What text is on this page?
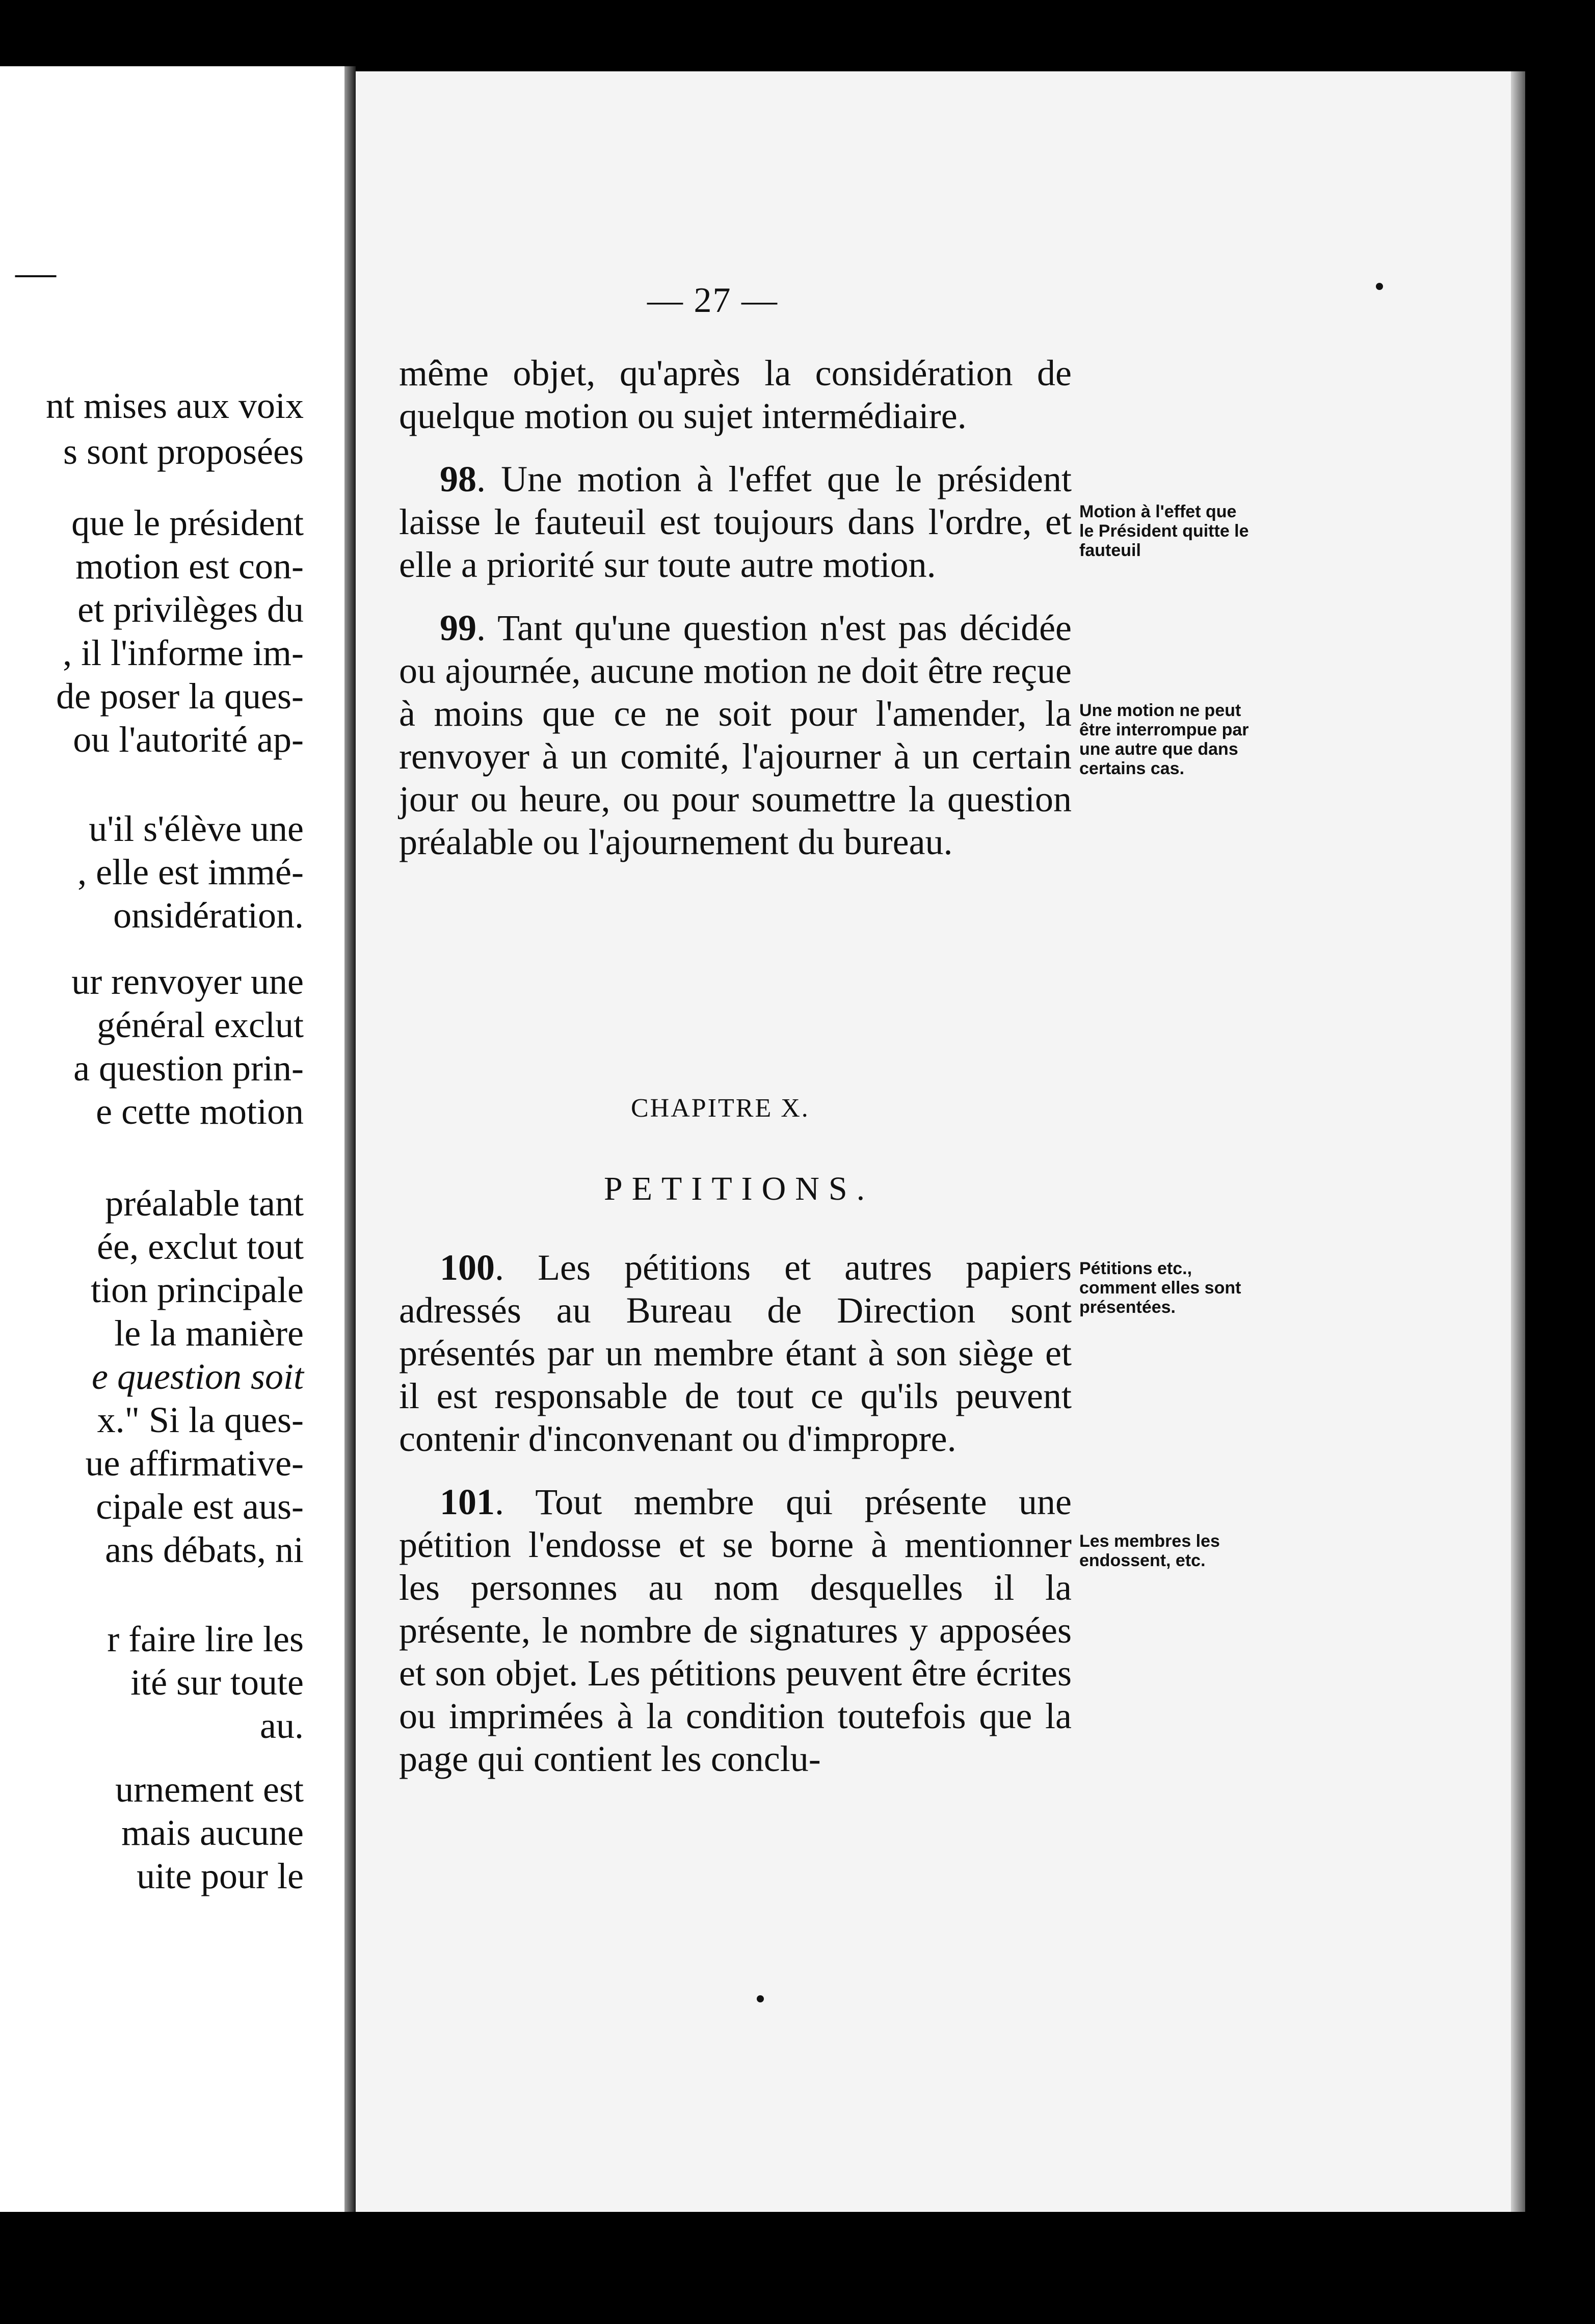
—
nt mises aux voix
s sont proposées
que le président
motion est con-
et privilèges du
, il l'informe im-
de poser la ques-
ou l'autorité ap-
u'il s'élève une
, elle est immé-
onsidération.
ur renvoyer une
général exclut
a question prin-
e cette motion
préalable tant
ée, exclut tout
tion principale
le la manière
e question soit
x." Si la ques-
ue affirmative-
cipale est aus-
ans débats, ni
r faire lire les
ité sur toute
au.
urnement est
mais aucune
uite pour le
— 27 —

même objet, qu'après la considération de quelque motion ou sujet intermédiaire.

98. Une motion à l'effet que le président laisse le fauteuil est toujours dans l'ordre, et elle a priorité sur toute autre motion.

99. Tant qu'une question n'est pas décidée ou ajournée, aucune motion ne doit être reçue à moins que ce ne soit pour l'amender, la renvoyer à un comité, l'ajourner à un certain jour ou heure, ou pour soumettre la question préalable ou l'ajournement du bureau.

CHAPITRE X.
PETITIONS.

100. Les pétitions et autres papiers adressés au Bureau de Direction sont présentés par un membre étant à son siège et il est responsable de tout ce qu'ils peuvent contenir d'inconvenant ou d'impropre.

101. Tout membre qui présente une pétition l'endosse et se borne à mentionner les personnes au nom desquelles il la présente, le nombre de signatures y apposées et son objet. Les pétitions peuvent être écrites ou imprimées à la condition toutefois que la page qui contient les conclu-

Motion à l'effet que le Président quitte le fauteuil
Une motion ne peut être interrompue par une autre que dans certains cas.
Pétitions etc., comment elles sont présentées.
Les membres les endossent, etc.
